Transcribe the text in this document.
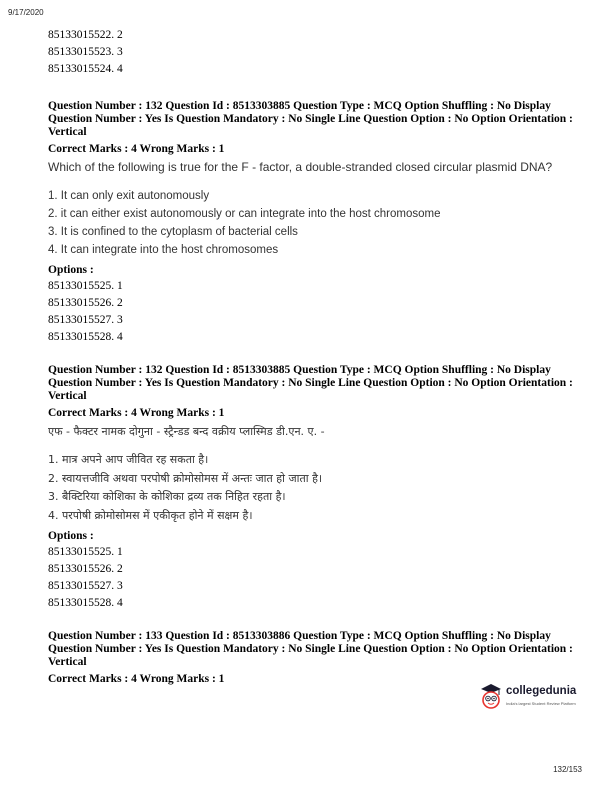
9/17/2020
85133015522. 2
85133015523. 3
85133015524. 4
Question Number : 132 Question Id : 8513303885 Question Type : MCQ Option Shuffling : No Display Question Number : Yes Is Question Mandatory : No Single Line Question Option : No Option Orientation : Vertical
Correct Marks : 4 Wrong Marks : 1
Which of the following is true for the F - factor, a double-stranded closed circular plasmid DNA?
1. It can only exit autonomously
2. it can either exist autonomously or can integrate into the host chromosome
3. It is confined to the cytoplasm of bacterial cells
4. It can integrate into the host chromosomes
Options :
85133015525. 1
85133015526. 2
85133015527. 3
85133015528. 4
Question Number : 132 Question Id : 8513303885 Question Type : MCQ Option Shuffling : No Display Question Number : Yes Is Question Mandatory : No Single Line Question Option : No Option Orientation : Vertical
Correct Marks : 4 Wrong Marks : 1
एफ - फैक्टर नामक दोगुना - स्ट्रैन्डड बन्द वक्रीय प्लास्मिड डी.एन. ए. -
1. मात्र अपने आप जीवित रह सकता है।
2. स्वायत्तजीवि अथवा परपोषी क्रोमोसोमस में अन्तः जात हो जाता है।
3. बैक्टिरिया कोशिका के कोशिका द्रव्य तक निहित रहता है।
4. परपोषी क्रोमोसोमस में एकीकृत होने में सक्षम है।
Options :
85133015525. 1
85133015526. 2
85133015527. 3
85133015528. 4
Question Number : 133 Question Id : 8513303886 Question Type : MCQ Option Shuffling : No Display Question Number : Yes Is Question Mandatory : No Single Line Question Option : No Option Orientation : Vertical
Correct Marks : 4 Wrong Marks : 1
collegedunia
India's largest Student Review Platform
132/153
